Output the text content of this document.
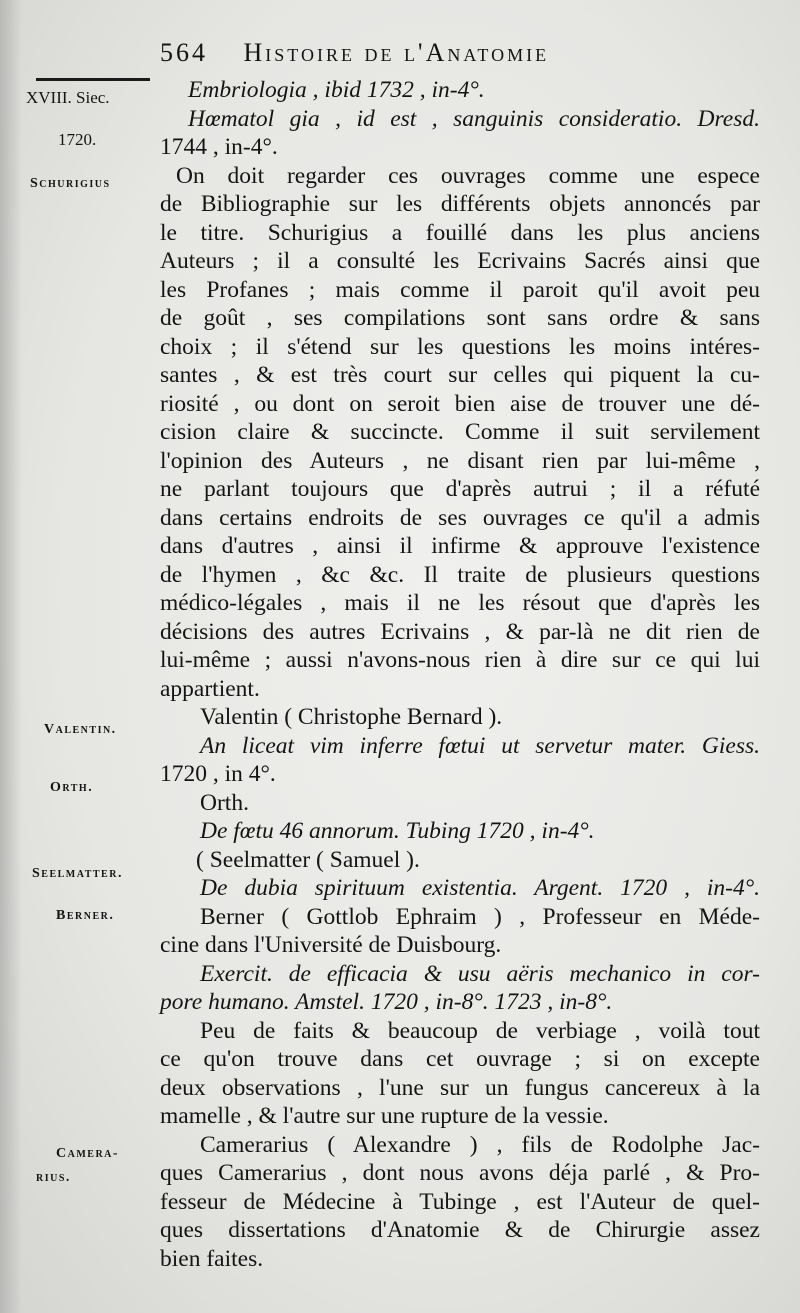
564 Histoire de l'Anatomie
XVIII. Siec.
1720.
Schurigius
Valentin.
Orth.
Seelmatter.
Berner.
Camera-
rius.
Embriologia , ibid 1732 , in-4°.
Hœmatol gia , id est , sanguinis consideratio. Dresd.
1744 , in-4°.
On doit regarder ces ouvrages comme une espece
de Bibliographie sur les différents objets annoncés par
le titre. Schurigius a fouillé dans les plus anciens
Auteurs ; il a consulté les Ecrivains Sacrés ainsi que
les Profanes ; mais comme il paroit qu'il avoit peu
de goût , ses compilations sont sans ordre & sans
choix ; il s'étend sur les questions les moins intéres-
santes , & est très court sur celles qui piquent la cu-
riosité , ou dont on seroit bien aise de trouver une dé-
cision claire & succincte. Comme il suit servilement
l'opinion des Auteurs , ne disant rien par lui-même ,
ne parlant toujours que d'après autrui ; il a réfuté
dans certains endroits de ses ouvrages ce qu'il a admis
dans d'autres , ainsi il infirme & approuve l'existence
de l'hymen , &c &c. Il traite de plusieurs questions
médico-légales , mais il ne les résout que d'après les
décisions des autres Ecrivains , & par-là ne dit rien de
lui-même ; aussi n'avons-nous rien à dire sur ce qui lui
appartient.
Valentin ( Christophe Bernard ).
An liceat vim inferre fœtui ut servetur mater. Giess.
1720 , in 4°.
Orth.
De fœtu 46 annorum. Tubing 1720 , in-4°.
( Seelmatter ( Samuel ).
De dubia spirituum existentia. Argent. 1720 , in-4°.
Berner ( Gottlob Ephraim ) , Professeur en Méde-
cine dans l'Université de Duisbourg.
Exercit. de efficacia & usu aëris mechanico in cor-
pore humano. Amstel. 1720 , in-8°. 1723 , in-8°.
Peu de faits & beaucoup de verbiage , voilà tout
ce qu'on trouve dans cet ouvrage ; si on excepte
deux observations , l'une sur un fungus cancereux à la
mamelle , & l'autre sur une rupture de la vessie.
Camerarius ( Alexandre ) , fils de Rodolphe Jac-
ques Camerarius , dont nous avons déja parlé , & Pro-
fesseur de Médecine à Tubinge , est l'Auteur de quel-
ques dissertations d'Anatomie & de Chirurgie assez
bien faites.
